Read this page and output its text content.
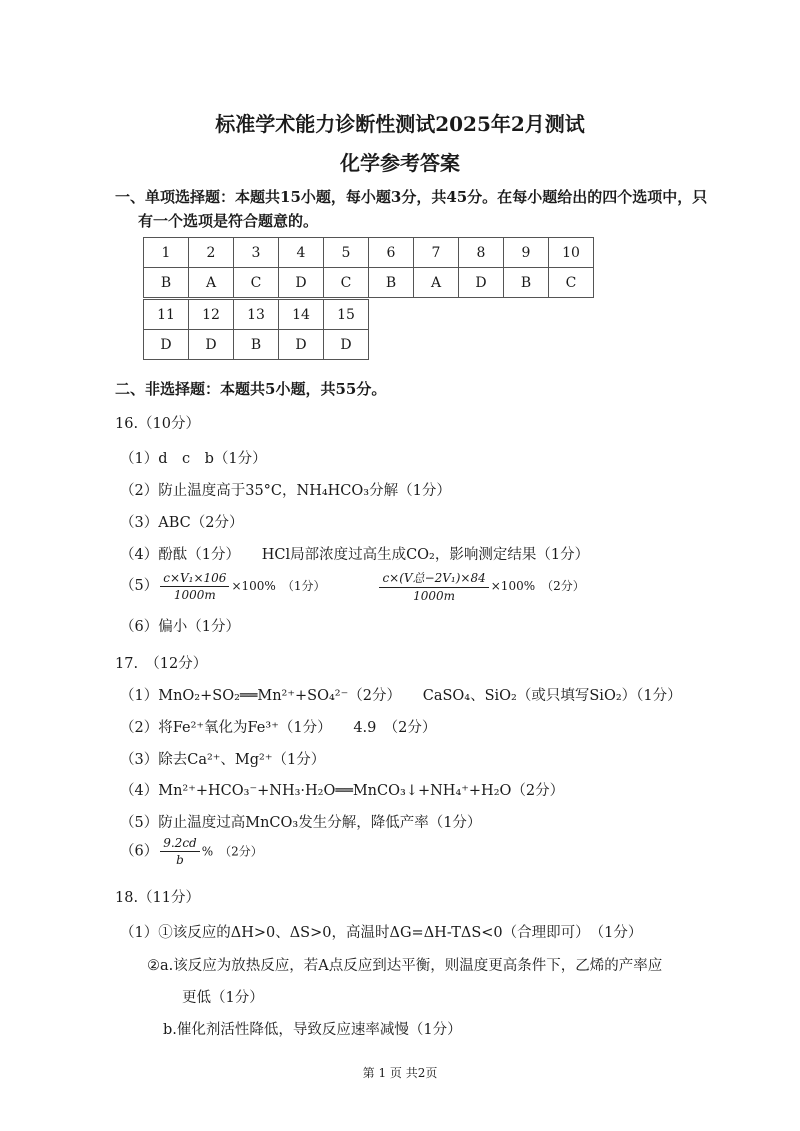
标准学术能力诊断性测试2025年2月测试
化学参考答案
一、单项选择题：本题共15小题，每小题3分，共45分。在每小题给出的四个选项中，只
有一个选项是符合题意的。
1	2	3	4	5	6	7	8	9	10
B	A	C	D	C	B	A	D	B	C
11	12	13	14	15
D	D	B	D	D
二、非选择题：本题共5小题，共55分。
16.（10分）
（1）d　c　b（1分）
（2）防止温度高于35°C，NH₄HCO₃分解（1分）
（3）ABC（2分）
（4）酚酞（1分）　　HCl局部浓度过高生成CO₂，影响测定结果（1分）
$(5) \frac{\text{c×V₁×106}}{1000m} \times 100\%$　（1分）	$\frac{\text{c×(V总−2V₁)×84}}{1000m} \times 100\%$　（2分）
（6）偏小（1分）
17.　（12分）
（1）MnO₂+SO₂══Mn²⁺+SO₄²⁻（2分）　　CaSO₄、SiO₂（或只填写SiO₂）（1分）
（2）将Fe²⁺氧化为Fe³⁺（1分）　　4.9　（2分）
（3）除去Ca²⁺、Mg²⁺（1分）
（4）Mn²⁺+HCO₃⁻+NH₃·H₂O══MnCO₃↓+NH₄⁺+H₂O（2分）
（5）防止温度过高MnCO₃发生分解，降低产率（1分）
$(6) \frac{9.2cd}{b}$ %　（2分）
18.（11分）
（1）①该反应的ΔH>0、ΔS>0，高温时ΔG=ΔH-TΔS<0（合理即可）　（1分）
②a.该反应为放热反应，若A点反应到达平衡，则温度更高条件下，乙烯的产率应
更低（1分）
b.催化剂活性降低，导致反应速率减慢（1分）
第 1 页 共2页
